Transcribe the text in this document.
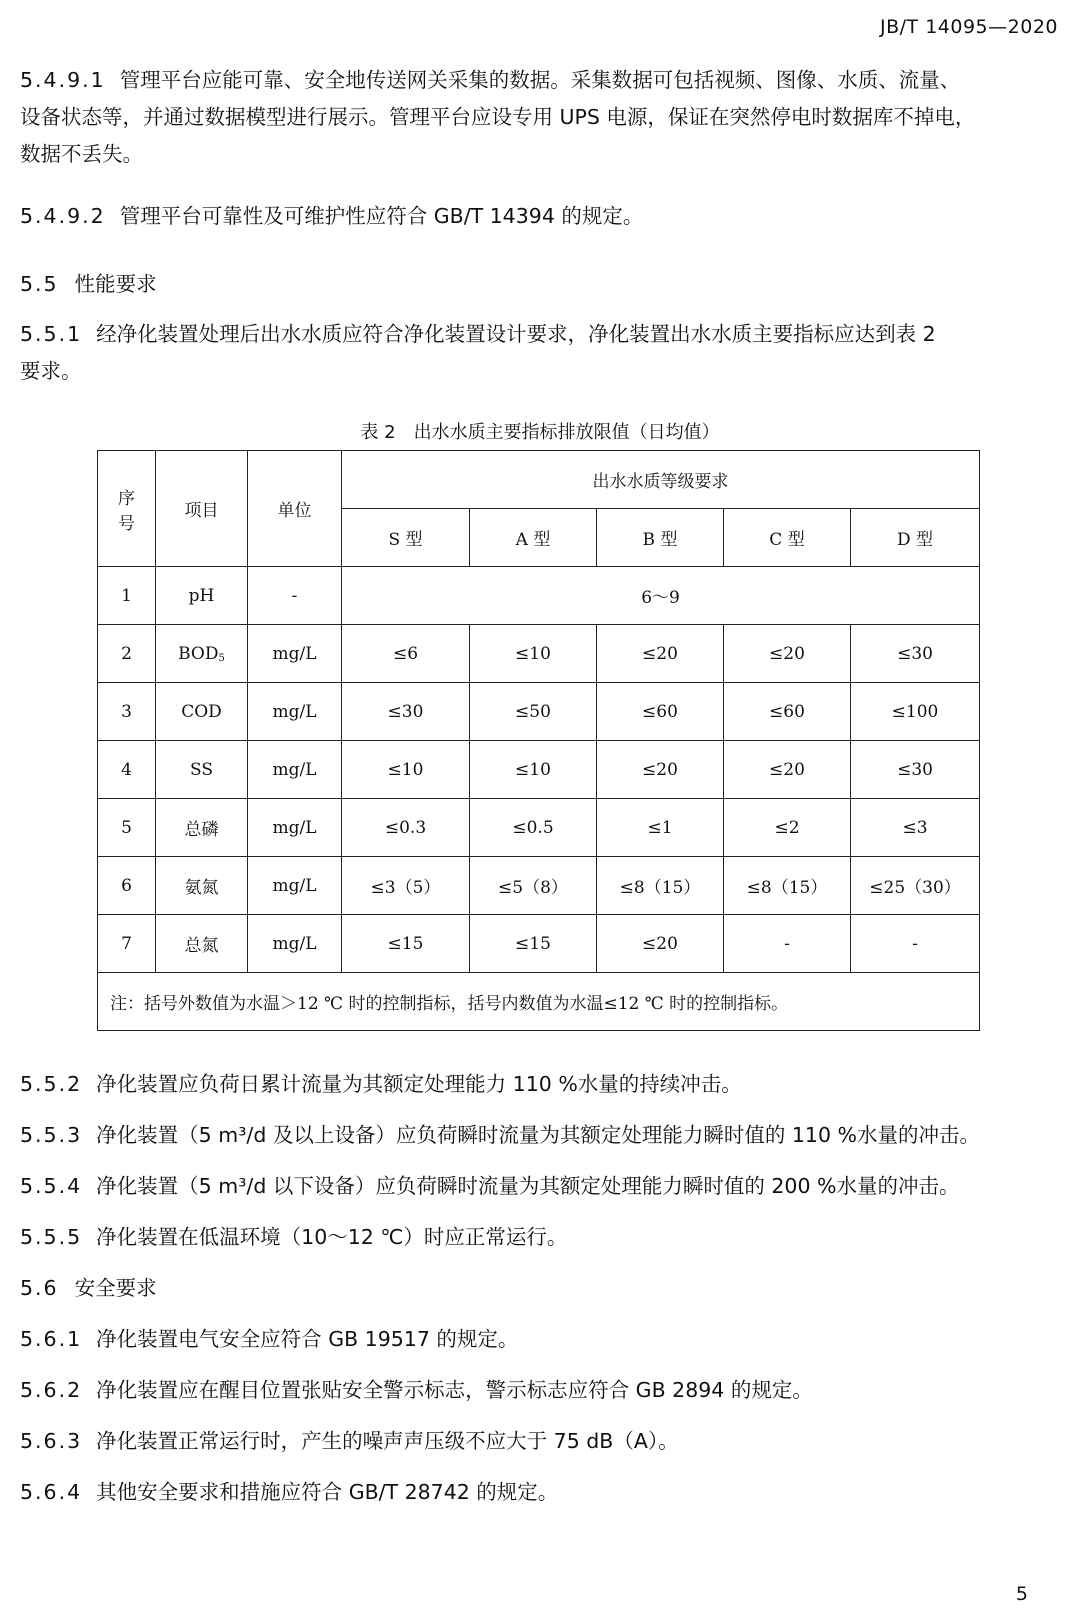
JB/T 14095—2020
5.4.9.1 管理平台应能可靠、安全地传送网关采集的数据。采集数据可包括视频、图像、水质、流量、
设备状态等，并通过数据模型进行展示。管理平台应设专用 UPS 电源，保证在突然停电时数据库不掉电，
数据不丢失。
5.4.9.2 管理平台可靠性及可维护性应符合 GB/T 14394 的规定。
5.5 性能要求
5.5.1 经净化装置处理后出水水质应符合净化装置设计要求，净化装置出水水质主要指标应达到表 2
要求。
表 2　出水水质主要指标排放限值（日均值）
序
号	项目	单位	出水水质等级要求				
			S 型	A 型	B 型	C 型	D 型
1	pH	-	6～9				
2	$BOD_5$	mg/L	≤6	≤10	≤20	≤20	≤30
3	COD	mg/L	≤30	≤50	≤60	≤60	≤100
4	SS	mg/L	≤10	≤10	≤20	≤20	≤30
5	总磷	mg/L	≤0.3	≤0.5	≤1	≤2	≤3
6	氨氮	mg/L	≤3（5）	≤5（8）	≤8（15）	≤8（15）	≤25（30）
7	总氮	mg/L	≤15	≤15	≤20	-	-
注：括号外数值为水温＞12 ℃ 时的控制指标，括号内数值为水温≤12 ℃ 时的控制指标。							
5.5.2 净化装置应负荷日累计流量为其额定处理能力 110 %水量的持续冲击。
5.5.3 净化装置（5 m³/d 及以上设备）应负荷瞬时流量为其额定处理能力瞬时值的 110 %水量的冲击。
5.5.4 净化装置（5 m³/d 以下设备）应负荷瞬时流量为其额定处理能力瞬时值的 200 %水量的冲击。
5.5.5 净化装置在低温环境（10～12 ℃）时应正常运行。
5.6 安全要求
5.6.1 净化装置电气安全应符合 GB 19517 的规定。
5.6.2 净化装置应在醒目位置张贴安全警示标志，警示标志应符合 GB 2894 的规定。
5.6.3 净化装置正常运行时，产生的噪声声压级不应大于 75 dB（A）。
5.6.4 其他安全要求和措施应符合 GB/T 28742 的规定。
5
